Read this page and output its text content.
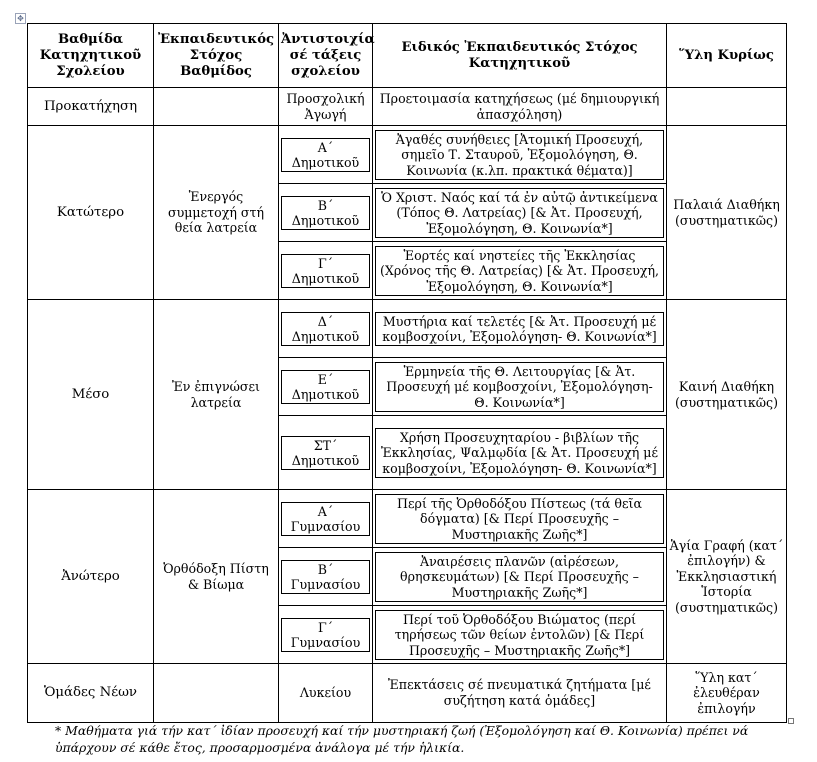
✥
Βαθμίδα Κατηχητικοῦ Σχολείου	Ἐκπαιδευτικός Στόχος Βαθμίδος	Ἀντιστοιχία σέ τάξεις σχολείου	Ειδικός Ἐκπαιδευτικός Στόχος Κατηχητικοῦ	Ὕλη Κυρίως
Προκατήχηση		Προσχολική Ἀγωγή	Προετοιμασία κατηχήσεως (μέ δημιουργική ἀπασχόληση)	
Κατώτερο	Ἐνεργός συμμετοχή στή θεία λατρεία	Α΄ Δημοτικοῦ	Ἀγαθές συνήθειες [Ἀτομική Προσευχή, σημεῖο Τ. Σταυροῦ, Ἐξομολόγηση, Θ. Κοινωνία (κ.λπ. πρακτικά θέματα)]	Παλαιά Διαθήκη (συστηματικῶς)

		Β΄ Δημοτικοῦ	Ὁ Χριστ. Ναός καί τά ἐν αὐτῷ ἀντικείμενα (Τόπος Θ. Λατρείας) [& Ἀτ. Προσευχή, Ἐξομολόγηση, Θ. Κοινωνία*]	

		Γ΄ Δημοτικοῦ	Ἑορτές καί νηστείες τῆς Ἐκκλησίας (Χρόνος τῆς Θ. Λατρείας) [& Ἀτ. Προσευχή, Ἐξομολόγηση, Θ. Κοινωνία*]	

Μέσο	Ἐν ἐπιγνώσει λατρεία	Δ΄ Δημοτικοῦ	Μυστήρια καί τελετές [& Ἀτ. Προσευχή μέ κομβοσχοίνι, Ἐξομολόγηση- Θ. Κοινωνία*]	Καινή Διαθήκη (συστηματικῶς)

		Ε΄ Δημοτικοῦ	Ἑρμηνεία τῆς Θ. Λειτουργίας [& Ἀτ. Προσευχή μέ κομβοσχοίνι, Ἐξομολόγηση- Θ. Κοινωνία*]	

		ΣΤ΄ Δημοτικοῦ	Χρήση Προσευχηταρίου - βιβλίων τῆς Ἐκκλησίας, Ψαλμῳδία [& Ἀτ. Προσευχή μέ κομβοσχοίνι, Ἐξομολόγηση- Θ. Κοινωνία*]	

Ἀνώτερο	Ὀρθόδοξη Πίστη & Βίωμα	Α΄ Γυμνασίου	Περί τῆς Ὀρθοδόξου Πίστεως (τά θεῖα δόγματα) [& Περί Προσευχῆς – Μυστηριακῆς Ζωῆς*]	Ἁγία Γραφή (κατ΄ ἐπιλογήν) & Ἐκκλησιαστική Ἱστορία (συστηματικῶς)

		Β΄ Γυμνασίου	Ἀναιρέσεις πλανῶν (αἱρέσεων, θρησκευμάτων) [& Περί Προσευχῆς – Μυστηριακῆς Ζωῆς*]	

		Γ΄ Γυμνασίου	Περί τοῦ Ὀρθοδόξου Βιώματος (περί τηρήσεως τῶν θείων ἐντολῶν) [& Περί Προσευχῆς – Μυστηριακῆς Ζωῆς*]	

Ὁμάδες Νέων		Λυκείου	Ἐπεκτάσεις σέ πνευματικά ζητήματα [μέ συζήτηση κατά ὁμάδες]	Ὕλη κατ΄ ἐλευθέραν ἐπιλογήν
* Μαθήματα γιά τήν κατ΄ ἰδίαν προσευχή καί τήν μυστηριακή ζωή (Ἐξομολόγηση καί Θ. Κοινωνία) πρέπει νά ὑπάρχουν σέ κάθε ἔτος, προσαρμοσμένα ἀνάλογα μέ τήν ἡλικία.
